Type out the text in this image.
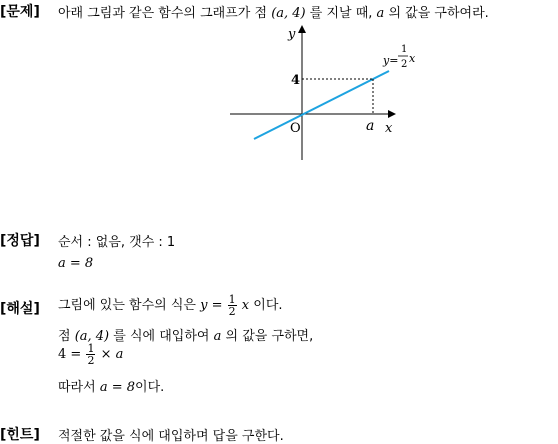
[문제] 아래 그림과 같은 함수의 그래프가 점 (a, 4) 를 지날 때, a 의 값을 구하여라.
y
x
O
4
a
y=
1
2 x
[정답] 순서 : 없음, 갯수 : 1
a = 8
[해설] 그림에 있는 함수의 식은 $y = \frac{1}{2}$ x 이다.
점 (a, 4) 를 식에 대입하여 a 의 값을 구하면,
$4 = \frac{1}{2} \times a$
따라서 a = 8이다.
[힌트] 적절한 값을 식에 대입하며 답을 구한다.
